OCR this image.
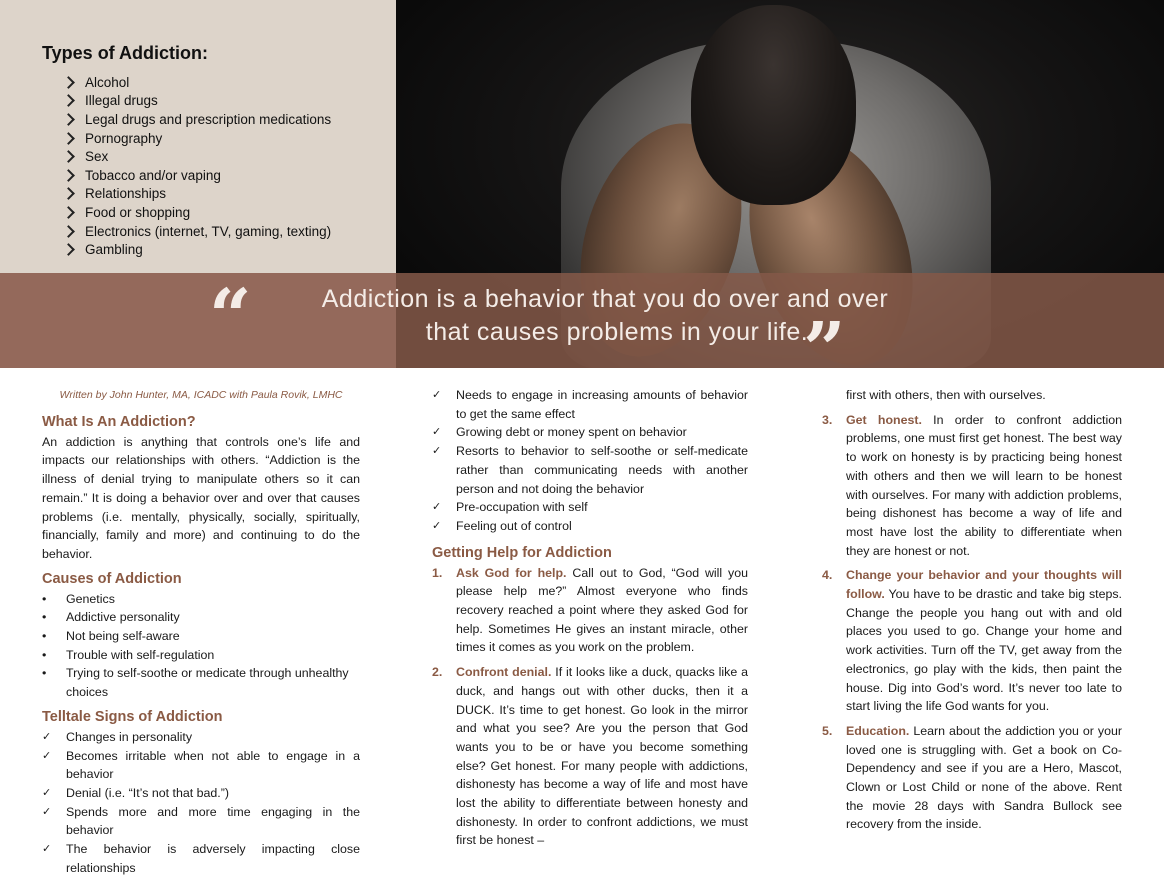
Types of Addiction:
Alcohol
Illegal drugs
Legal drugs and prescription medications
Pornography
Sex
Tobacco and/or vaping
Relationships
Food or shopping
Electronics (internet, TV, gaming, texting)
Gambling
“	”
Addiction is a behavior that you do over and over
that causes problems in your life.

Written by John Hunter, MA, ICADC with Paula Rovik, LMHC

What Is An Addiction?

An addiction is anything that controls one’s life and impacts our relationships with others. “Addiction is the illness of denial trying to manipulate others so it can remain.” It is doing a behavior over and over that causes problems (i.e. mentally, physically, socially, spiritually, financially, family and more) and continuing to do the behavior.

Causes of Addiction
• Genetics
• Addictive personality
• Not being self-aware
• Trouble with self-regulation
• Trying to self-soothe or medicate through unhealthy choices
Telltale Signs of Addiction
✓ Changes in personality
✓ Becomes irritable when not able to engage in a behavior
✓ Denial (i.e. “It’s not that bad.”)
✓ Spends more and more time engaging in the behavior
✓ The behavior is adversely impacting close relationships
✓ Needs to engage in increasing amounts of behavior to get the same effect
✓ Growing debt or money spent on behavior
✓ Resorts to behavior to self-soothe or self-medicate rather than communicating needs with another person and not doing the behavior
✓ Pre-occupation with self
✓ Feeling out of control
Getting Help for Addiction
1. Ask God for help. Call out to God, “God will you please help me?” Almost everyone who finds recovery reached a point where they asked God for help. Sometimes He gives an instant miracle, other times it comes as you work on the problem.
2. Confront denial. If it looks like a duck, quacks like a duck, and hangs out with other ducks, then it a DUCK. It’s time to get honest. Go look in the mirror and what you see? Are you the person that God wants you to be or have you become something else? Get honest. For many people with addictions, dishonesty has become a way of life and most have lost the ability to differentiate between honesty and dishonesty. In order to confront addictions, we must first be honest –

first with others, then with ourselves.

3. Get honest. In order to confront addiction problems, one must first get honest. The best way to work on honesty is by practicing being honest with others and then we will learn to be honest with ourselves. For many with addiction problems, being dishonest has become a way of life and most have lost the ability to differentiate when they are honest or not.
4. Change your behavior and your thoughts will follow. You have to be drastic and take big steps. Change the people you hang out with and old places you used to go. Change your home and work activities. Turn off the TV, get away from the electronics, go play with the kids, then paint the house. Dig into God’s word. It’s never too late to start living the life God wants for you.
5. Education. Learn about the addiction you or your loved one is struggling with. Get a book on Co-Dependency and see if you are a Hero, Mascot, Clown or Lost Child or none of the above. Rent the movie 28 days with Sandra Bullock see recovery from the inside.
